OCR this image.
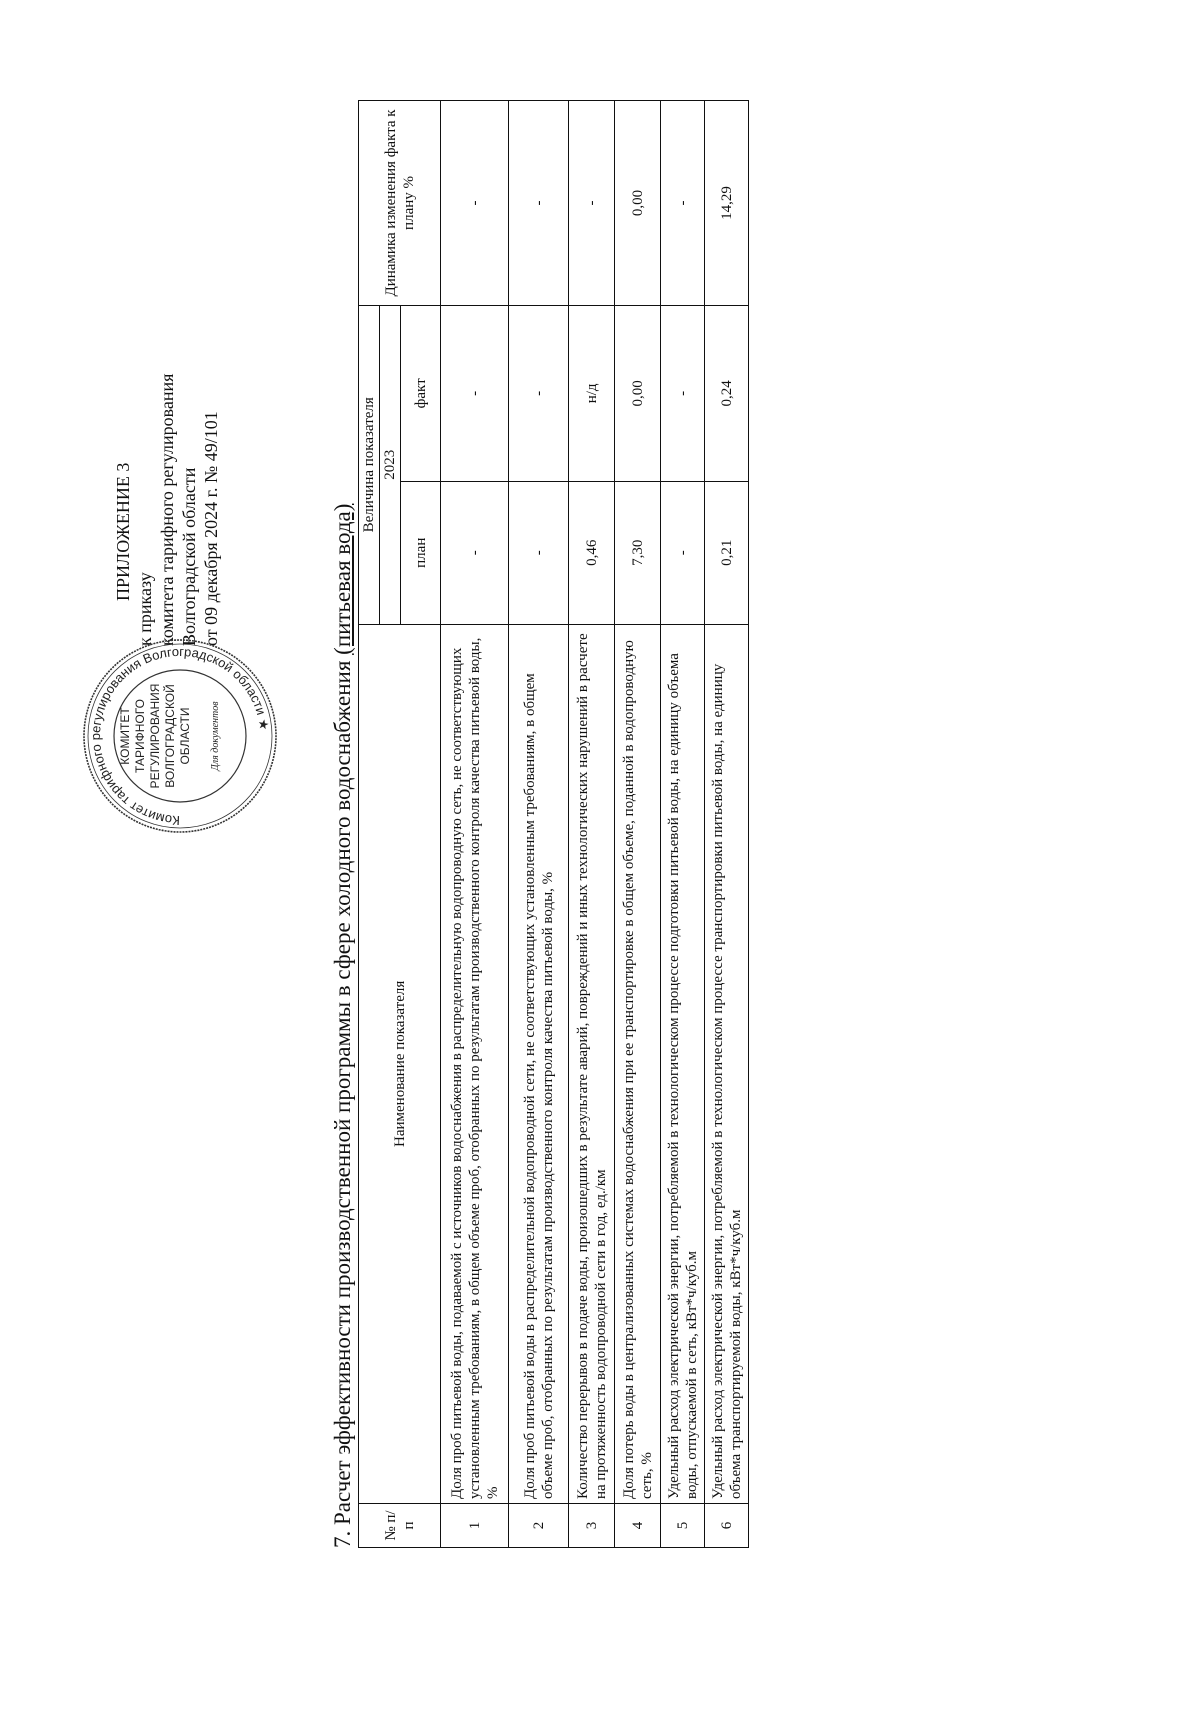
ПРИЛОЖЕНИЕ 3
к приказу комитета тарифного регулирования Волгоградской области от 09 декабря 2024 г. № 49/101
Комитет тарифного регулирования Волгоградской области ★
КОМИТЕТ ТАРИФНОГО РЕГУЛИРОВАНИЯ ВОЛГОГРАДСКОЙ ОБЛАСТИ Для документов	7. Расчет эффективности производственной программы в сфере холодного водоснабжения (питьевая вода)
№ п/п	Наименование показателя	Величина показателя		Динамика изменения факта к плану %
		2023		
		план	факт	
1	Доля проб питьевой воды, подаваемой с источников водоснабжения в распределительную водопроводную сеть, не соответствующих установленным требованиям, в общем объеме проб, отобранных по результатам производственного контроля качества питьевой воды, %	-	-	-
2	Доля проб питьевой воды в распределительной водопроводной сети, не соответствующих установленным требованиям, в общем объеме проб, отобранных по результатам производственного контроля качества питьевой воды, %	-	-	-
3	Количество перерывов в подаче воды, произошедших в результате аварий, повреждений и иных технологических нарушений в расчете на протяженность водопроводной сети в год, ед./км	0,46	н/д	-
4	Доля потерь воды в централизованных системах водоснабжения при ее транспортировке в общем объеме, поданной в водопроводную сеть, %	7,30	0,00	0,00
5	Удельный расход электрической энергии, потребляемой в технологическом процессе подготовки питьевой воды, на единицу объема воды, отпускаемой в сеть, кВт*ч/куб.м	-	-	-
6	Удельный расход электрической энергии, потребляемой в технологическом процессе транспортировки питьевой воды, на единицу объема транспортируемой воды, кВт*ч/куб.м	0,21	0,24	14,29
